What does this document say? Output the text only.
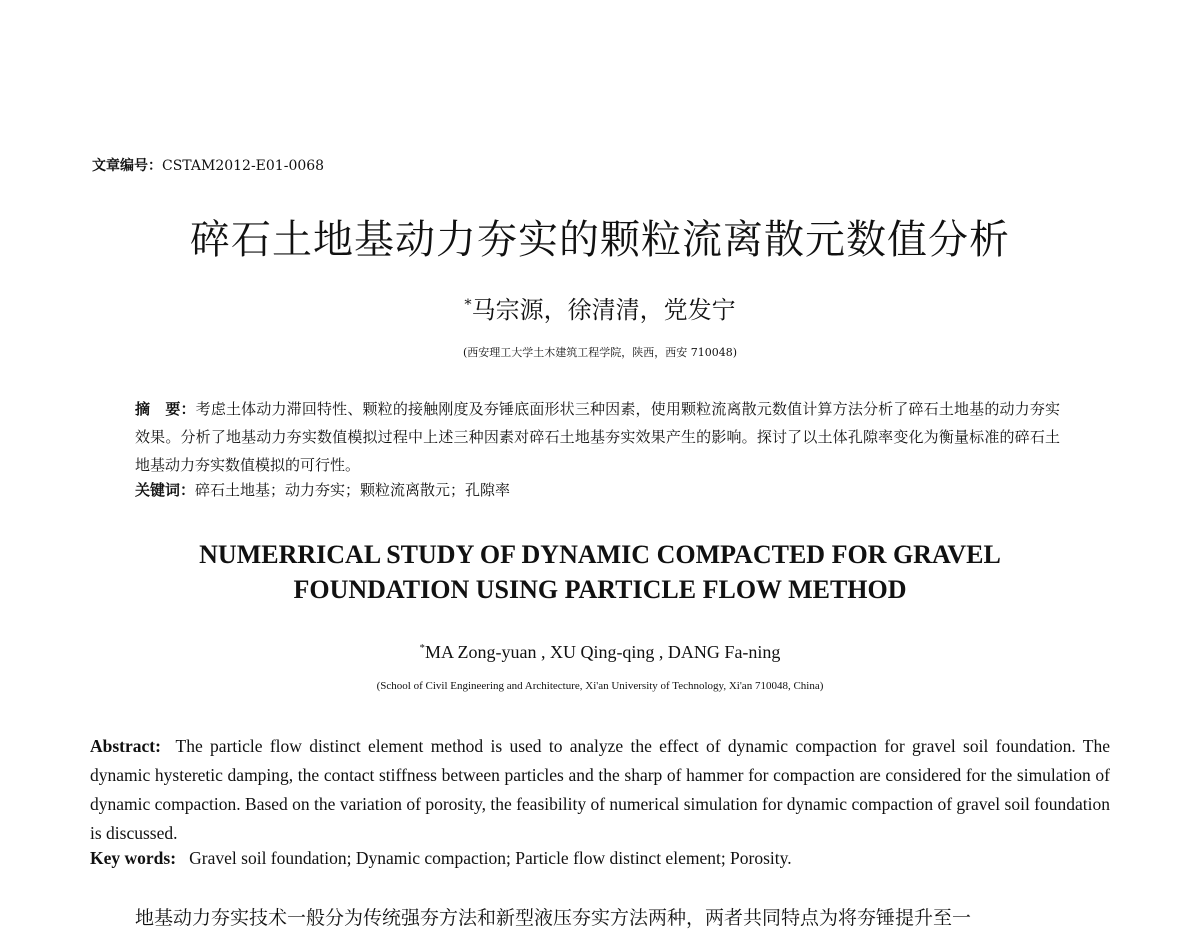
文章编号：CSTAM2012-E01-0068
碎石土地基动力夯实的颗粒流离散元数值分析
*马宗源，徐清清，党发宁
(西安理工大学土木建筑工程学院，陕西，西安 710048)
摘　要：考虑土体动力滞回特性、颗粒的接触刚度及夯锤底面形状三种因素，使用颗粒流离散元数值计算方法分析了碎石土地基的动力夯实效果。分析了地基动力夯实数值模拟过程中上述三种因素对碎石土地基夯实效果产生的影响。探讨了以土体孔隙率变化为衡量标准的碎石土地基动力夯实数值模拟的可行性。
关键词：碎石土地基；动力夯实；颗粒流离散元；孔隙率
NUMERRICAL STUDY OF DYNAMIC COMPACTED FOR GRAVEL
FOUNDATION USING PARTICLE FLOW METHOD
*MA Zong-yuan , XU Qing-qing , DANG Fa-ning
(School of Civil Engineering and Architecture, Xi'an University of Technology, Xi'an 710048, China)
Abstract: The particle flow distinct element method is used to analyze the effect of dynamic compaction for gravel soil foundation. The dynamic hysteretic damping, the contact stiffness between particles and the sharp of hammer for compaction are considered for the simulation of dynamic compaction. Based on the variation of porosity, the feasibility of numerical simulation for dynamic compaction of gravel soil foundation is discussed.
Key words: Gravel soil foundation; Dynamic compaction; Particle flow distinct element; Porosity.
地基动力夯实技术一般分为传统强夯方法和新型液压夯实方法两种，两者共同特点为将夯锤提升至一
